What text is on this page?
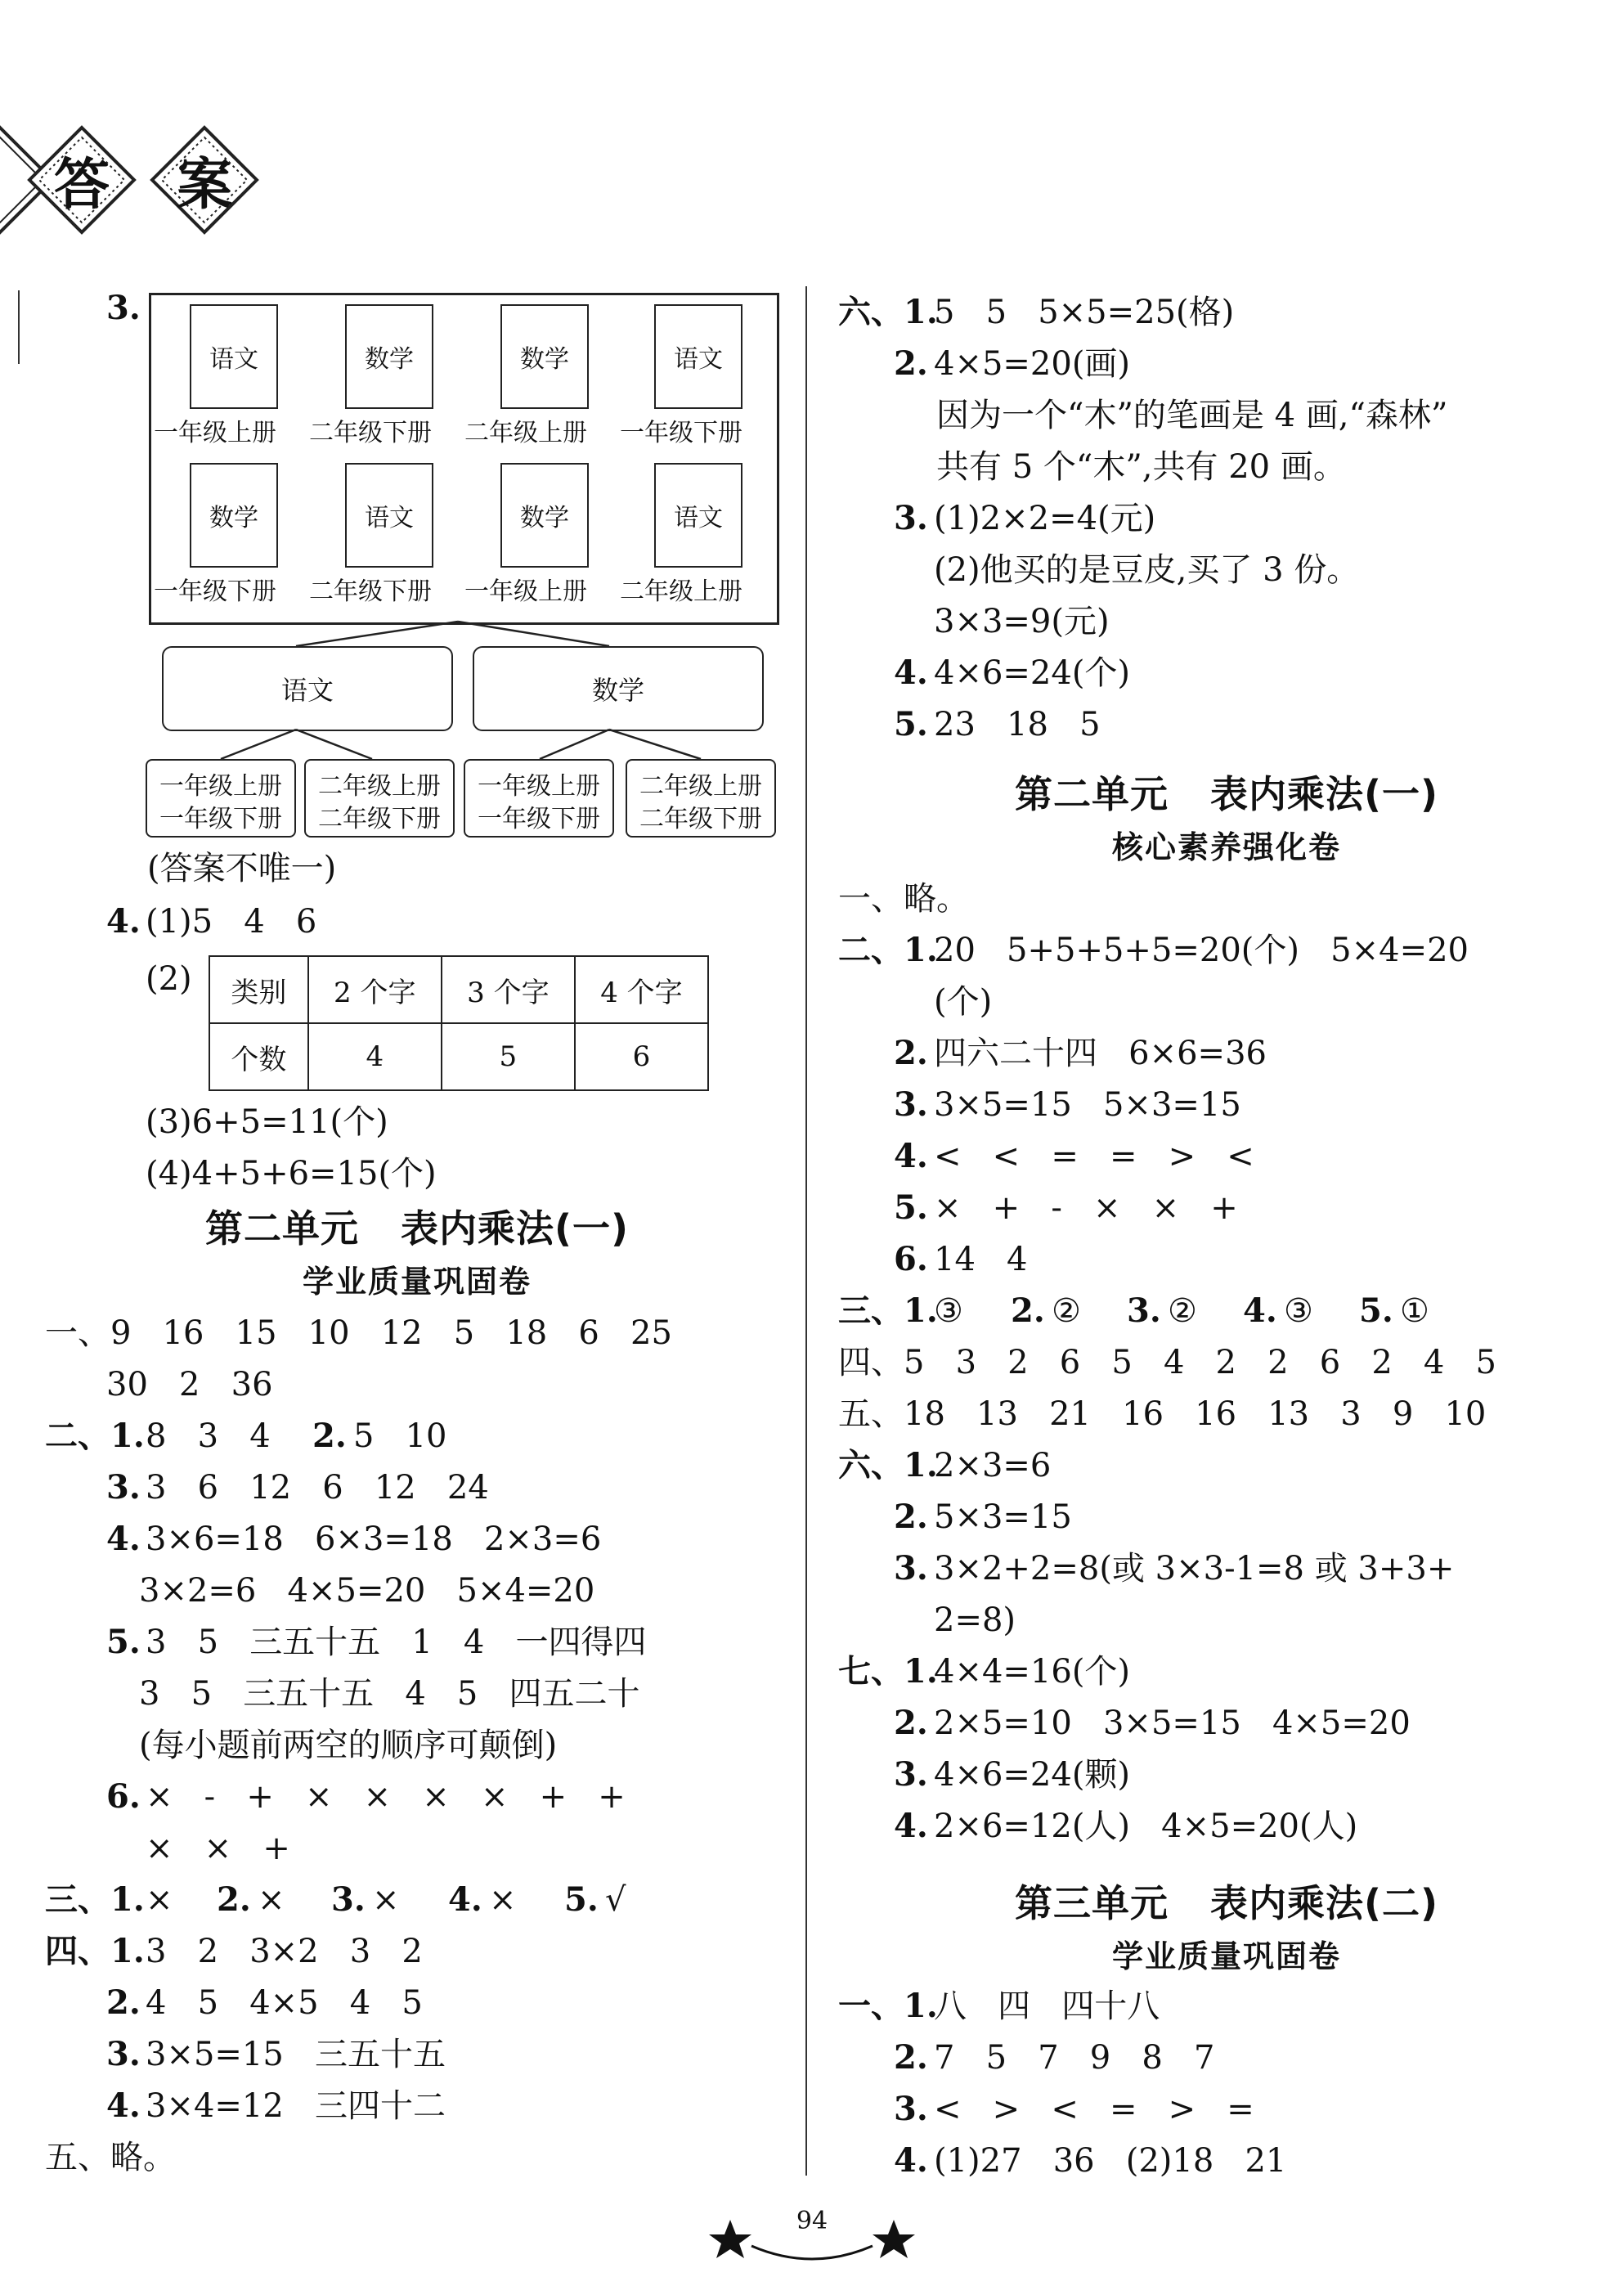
答	案
3.
语文
一年级上册
数学
二年级下册
数学
二年级上册
语文
一年级下册
数学
一年级下册
语文
二年级下册
数学
一年级上册
语文
二年级上册
语文	数学
一年级上册
一年级下册
二年级上册
二年级下册
一年级上册
一年级下册
二年级上册
二年级下册
(答案不唯一)
4. (1)5   4   6
(3)6+5=11(个)
(4)4+5+6=15(个)
一、9   16   15   10   12   5   18   6   25
30   2   36
二、1. 8   3   4 2. 5   10
3. 3   6   12   6   12   24
4. 3×6=18   6×3=18   2×3=6
3×2=6   4×5=20   5×4=20
5. 3   5   三五十五   1   4   一四得四
3   5   三五十五   4   5   四五二十
(每小题前两空的顺序可颠倒)
6. ×   -   +   ×   ×   ×   ×   +   +
×   ×   +
三、1. × 2. × 3. × 4. × 5. √
四、1. 3   2   3×2   3   2
2. 4   5   4×5   4   5
3. 3×5=15   三五十五
4. 3×4=12   三四十二
五、略。
(2) 类别	2 个字	3 个字	4 个字
个数	4	5	6
第二单元   表内乘法(一)
学业质量巩固卷
六、1.
5   5   5×5=25(格)
2. 4×5=20(画)
因为一个“木”的笔画是 4 画,“森林”
共有 5 个“木”,共有 20 画。
3. (1)2×2=4(元)
(2)他买的是豆皮,买了 3 份。
3×3=9(元)
4. 4×6=24(个)
5. 23   18   5
一、略。
二、1.
20   5+5+5+5=20(个)   5×4=20
(个)
2. 四六二十四   6×6=36
3. 3×5=15   5×3=15
4. <   <   =   =   >   <
5. ×   +   -   ×   ×   +
6. 14   4
三、1.
③ 2. ② 3. ② 4. ③ 5. ①
四、5   3   2   6   5   4   2   2   6   2   4   5
五、18   13   21   16   16   13   3   9   10
六、1.
2×3=6
2. 5×3=15
3. 3×2+2=8(或 3×3-1=8 或 3+3+
2=8)
七、1.
4×4=16(个)
2. 2×5=10   3×5=15   4×5=20
3. 4×6=24(颗)
4. 2×6=12(人)   4×5=20(人)
一、1.
八   四   四十八
2. 7   5   7   9   8   7
3. <   >   <   =   >   =
4. (1)27   36   (2)18   21
第二单元   表内乘法(一)
核心素养强化卷
第三单元   表内乘法(二)
学业质量巩固卷
94
